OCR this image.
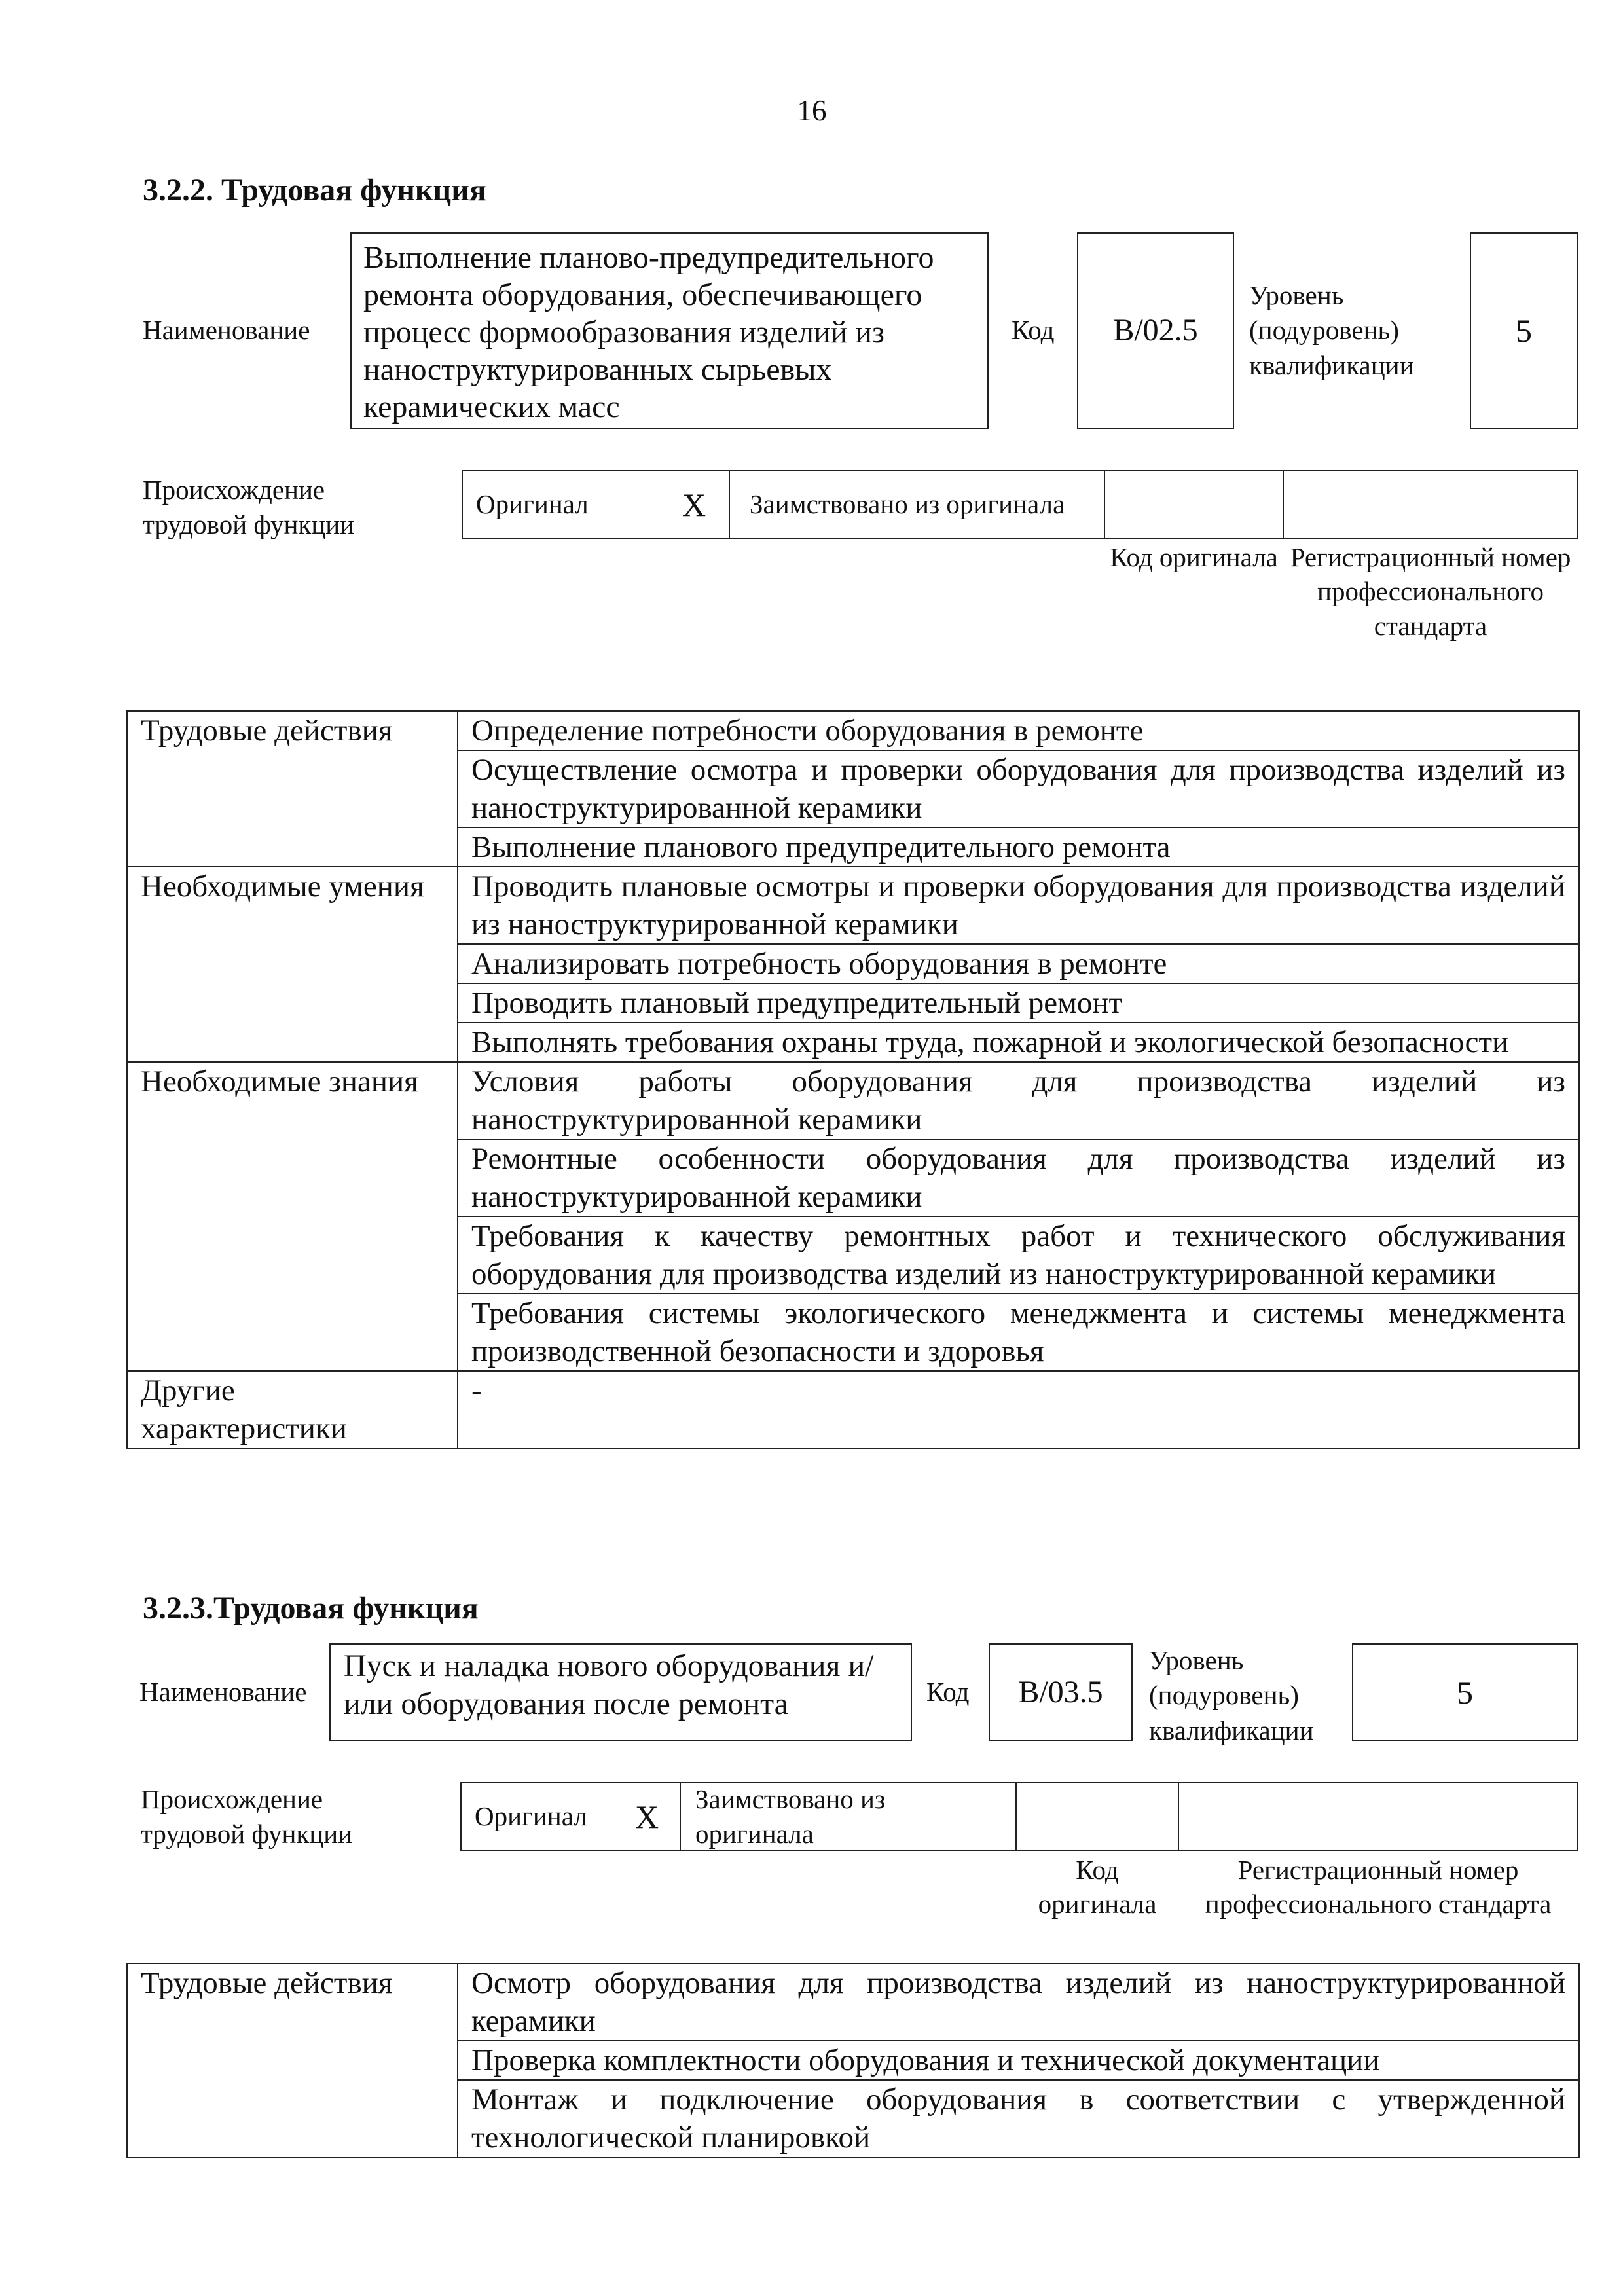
16
3.2.2. Трудовая функция
Наименование
Выполнение планово-предупредительного ремонта оборудования, обеспечивающего процесс формообразования изделий из наноструктурированных сырьевых керамических масс
Код	B/02.5
Уровень (подуровень) квалификации
5
Происхождение трудовой функции
Оригинал	X Заимствовано из оригинала
Код оригинала Регистрационный номер профессионального стандарта
Трудовые действия	Определение потребности оборудования в ремонте
	Осуществление осмотра и проверки оборудования для производства изделий из наноструктурированной керамики
	Выполнение планового предупредительного ремонта
Необходимые умения	Проводить плановые осмотры и проверки оборудования для производства изделий из наноструктурированной керамики
	Анализировать потребность оборудования в ремонте
	Проводить плановый предупредительный ремонт
	Выполнять требования охраны труда, пожарной и экологической безопасности
Необходимые знания	Условия работы оборудования для производства изделий из наноструктурированной керамики
	Ремонтные особенности оборудования для производства изделий из наноструктурированной керамики
	Требования к качеству ремонтных работ и технического обслуживания оборудования для производства изделий из наноструктурированной керамики
	Требования системы экологического менеджмента и системы менеджмента производственной безопасности и здоровья
Другие характеристики	-
3.2.3.Трудовая функция
Наименование
Пуск и наладка нового оборудования и/или оборудования после ремонта	Код	B/03.5
Уровень (подуровень) квалификации
5
Происхождение трудовой функции
Оригинал X Заимствовано из оригинала
Код оригинала
Регистрационный номер профессионального стандарта
Трудовые действия	Осмотр оборудования для производства изделий из наноструктурированной керамики
Проверка комплектности оборудования и технической документации
Монтаж и подключение оборудования в соответствии с утвержденной технологической планировкой
